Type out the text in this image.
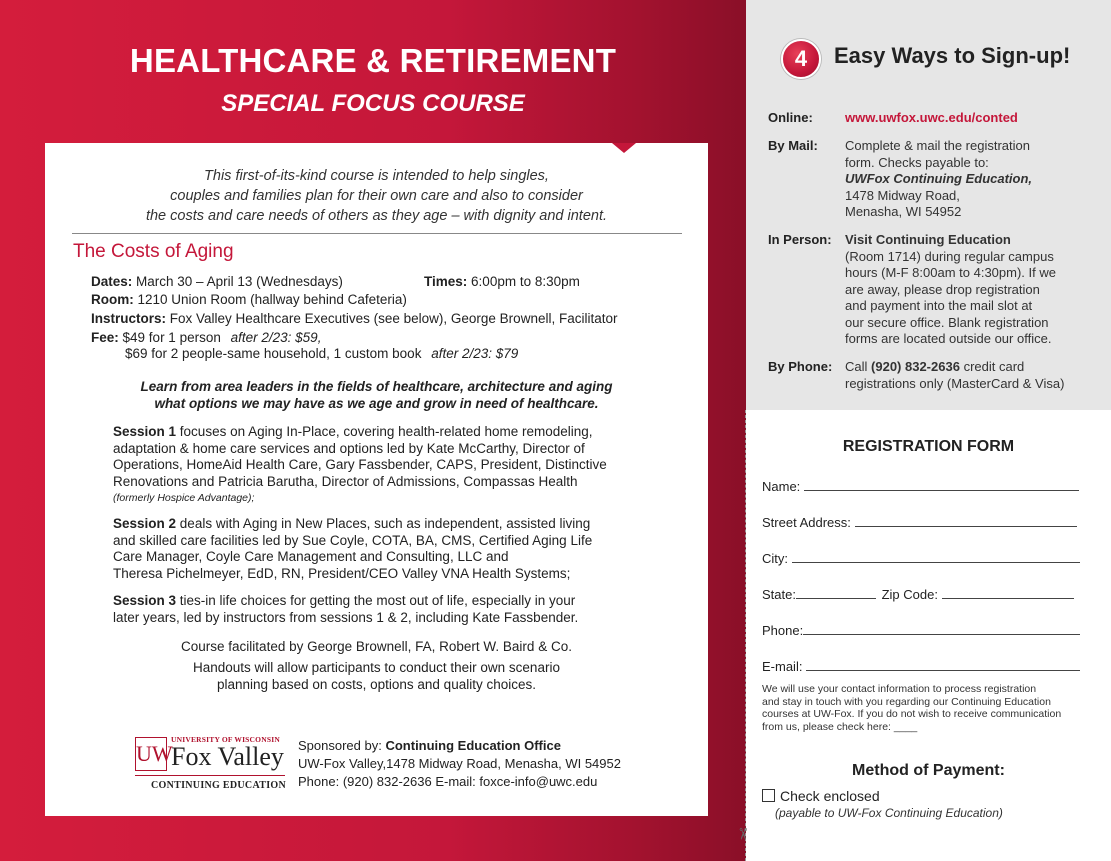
HEALTHCARE & RETIREMENT
SPECIAL FOCUS COURSE
This first-of-its-kind course is intended to help singles,
couples and families plan for their own care and also to consider
the costs and care needs of others as they age – with dignity and intent.
The Costs of Aging
Dates: March 30 – April 13 (Wednesdays)	Times: 6:00pm to 8:30pm
Room: 1210 Union Room (hallway behind Cafeteria)
Instructors: Fox Valley Healthcare Executives (see below), George Brownell, Facilitator
Fee: $49 for 1 person after 2/23: $59,
$69 for 2 people-same household, 1 custom book after 2/23: $79
Learn from area leaders in the fields of healthcare, architecture and aging
what options we may have as we age and grow in need of healthcare.
Session 1 focuses on Aging In-Place, covering health-related home remodeling,
adaptation & home care services and options led by Kate McCarthy, Director of
Operations, HomeAid Health Care, Gary Fassbender, CAPS, President, Distinctive
Renovations and Patricia Barutha, Director of Admissions, Compassas Health
(formerly Hospice Advantage);
Session 2 deals with Aging in New Places, such as independent, assisted living
and skilled care facilities led by Sue Coyle, COTA, BA, CMS, Certified Aging Life
Care Manager, Coyle Care Management and Consulting, LLC and
Theresa Pichelmeyer, EdD, RN, President/CEO Valley VNA Health Systems;
Session 3 ties-in life choices for getting the most out of life, especially in your
later years, led by instructors from sessions 1 & 2, including Kate Fassbender.
Course facilitated by George Brownell, FA, Robert W. Baird & Co.
Handouts will allow participants to conduct their own scenario
planning based on costs, options and quality choices.
UW
UNIVERSITY OF WISCONSIN
Fox Valley
CONTINUING EDUCATION
Sponsored by: Continuing Education Office
UW-Fox Valley,1478 Midway Road, Menasha, WI 54952
Phone: (920) 832-2636 E-mail: foxce-info@uwc.edu
4	Easy Ways to Sign-up!
Online: www.uwfox.uwc.edu/conted
By Mail: Complete & mail the registration
form. Checks payable to:
UWFox Continuing Education,
1478 Midway Road,
Menasha, WI 54952
In Person: Visit Continuing Education
(Room 1714) during regular campus
hours (M-F 8:00am to 4:30pm). If we
are away, please drop registration
and payment into the mail slot at
our secure office. Blank registration
forms are located outside our office.
By Phone: Call (920) 832-2636 credit card
registrations only (MasterCard & Visa)
✂
REGISTRATION FORM
Name:
Street Address:
City:
State:	Zip Code:
Phone:
E-mail:
We will use your contact information to process registration
and stay in touch with you regarding our Continuing Education
courses at UW-Fox. If you do not wish to receive communication
from us, please check here: ____
Method of Payment:
Check enclosed
(payable to UW-Fox Continuing Education)
